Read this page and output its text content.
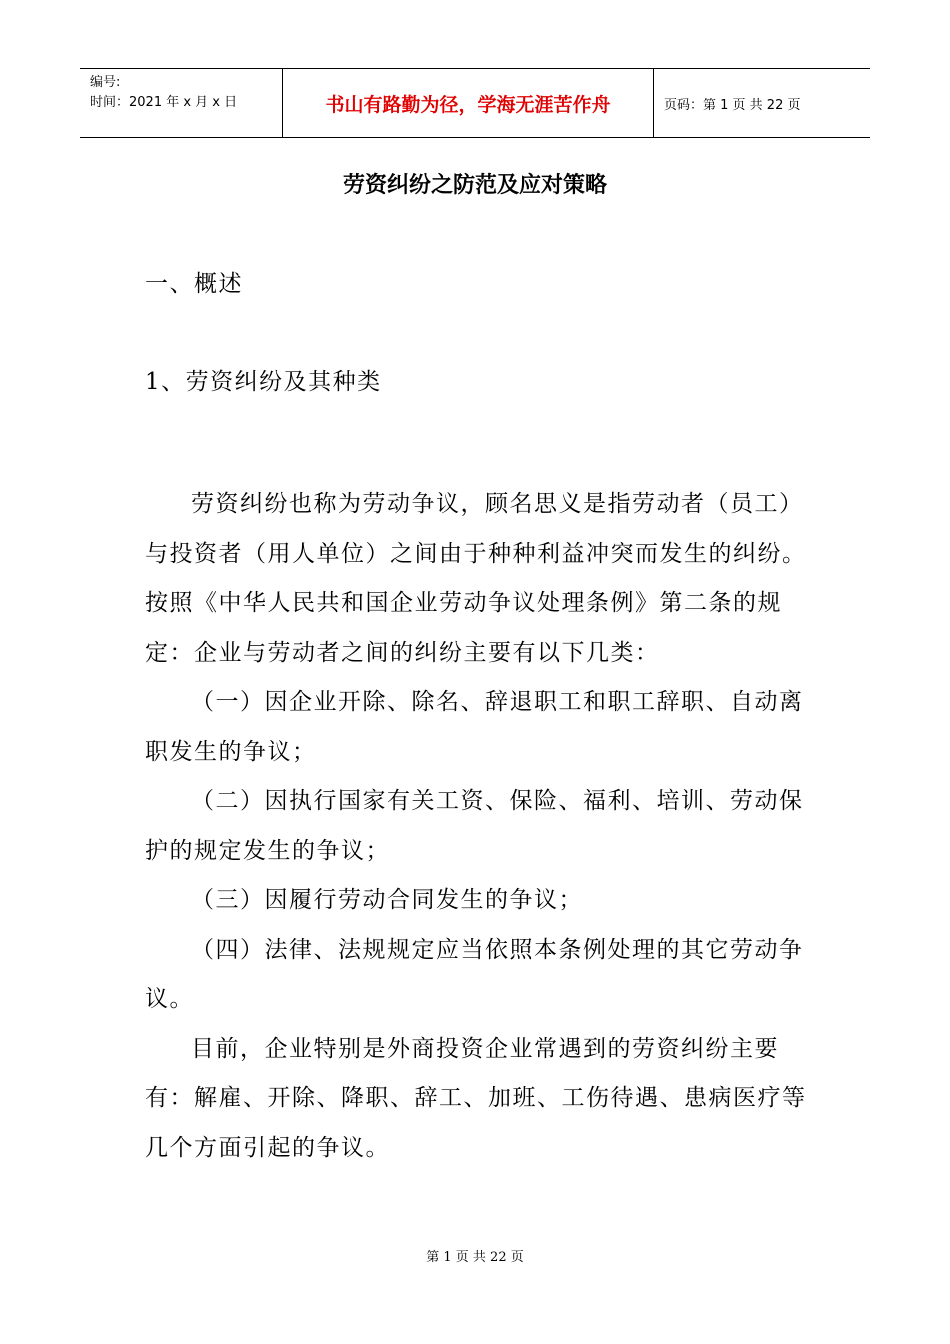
编号:
时间：2021 年 x 月 x 日	书山有路勤为径，学海无涯苦作舟	页码：第 1 页 共 22 页
劳资纠纷之防范及应对策略

一、概述

1、劳资纠纷及其种类

劳资纠纷也称为劳动争议，顾名思义是指劳动者（员工）与投资者（用人单位）之间由于种种利益冲突而发生的纠纷。按照《中华人民共和国企业劳动争议处理条例》第二条的规定：企业与劳动者之间的纠纷主要有以下几类：

（一）因企业开除、除名、辞退职工和职工辞职、自动离职发生的争议；

（二）因执行国家有关工资、保险、福利、培训、劳动保护的规定发生的争议；

（三）因履行劳动合同发生的争议；

（四）法律、法规规定应当依照本条例处理的其它劳动争议。

目前，企业特别是外商投资企业常遇到的劳资纠纷主要有：解雇、开除、降职、辞工、加班、工伤待遇、患病医疗等几个方面引起的争议。

第 1 页 共 22 页
